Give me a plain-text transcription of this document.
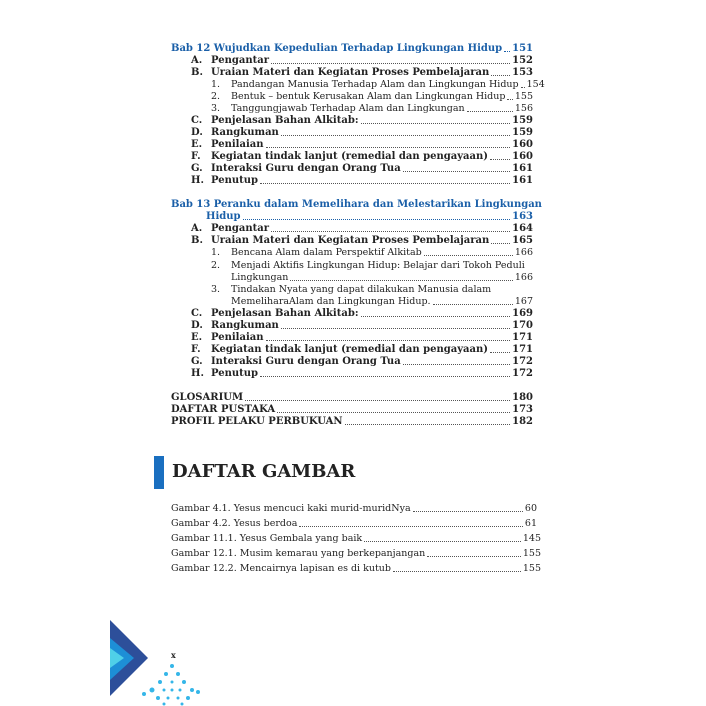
Bab 12 Wujudkan Kepedulian Terhadap Lingkungan Hidup 151
A. Pengantar	152
B. Uraian Materi dan Kegiatan Proses Pembelajaran 153
1. Pandangan Manusia Terhadap Alam dan Lingkungan Hidup 154
2. Bentuk – bentuk Kerusakan Alam dan Lingkungan Hidup 155
3. Tanggungjawab Terhadap Alam dan Lingkungan	156
C. Penjelasan Bahan Alkitab:	159
D. Rangkuman	159
E. Penilaian	160
F. Kegiatan tindak lanjut (remedial dan pengayaan) 160
G. Interaksi Guru dengan Orang Tua	161
H. Penutup	161
Bab 13 Peranku dalam Memelihara dan Melestarikan Lingkungan
Hidup	163
A. Pengantar	164
B. Uraian Materi dan Kegiatan Proses Pembelajaran 165
1. Bencana Alam dalam Perspektif Alkitab	166
2. Menjadi Aktifis Lingkungan Hidup: Belajar dari Tokoh Peduli
Lingkungan	166
3. Tindakan Nyata yang dapat dilakukan Manusia dalam
MemeliharaAlam dan Lingkungan Hidup.	167
C. Penjelasan Bahan Alkitab:	169
D. Rangkuman	170
E. Penilaian	171
F. Kegiatan tindak lanjut (remedial dan pengayaan) 171
G. Interaksi Guru dengan Orang Tua	172
H. Penutup	172
GLOSARIUM	180
DAFTAR PUSTAKA	173
PROFIL PELAKU PERBUKUAN	182
DAFTAR GAMBAR
Gambar 4.1. Yesus mencuci kaki murid-muridNya	60
Gambar 4.2. Yesus berdoa	61
Gambar 11.1. Yesus Gembala yang baik	145
Gambar 12.1. Musim kemarau yang berkepanjangan	155
Gambar 12.2. Mencairnya lapisan es di kutub	155
x
